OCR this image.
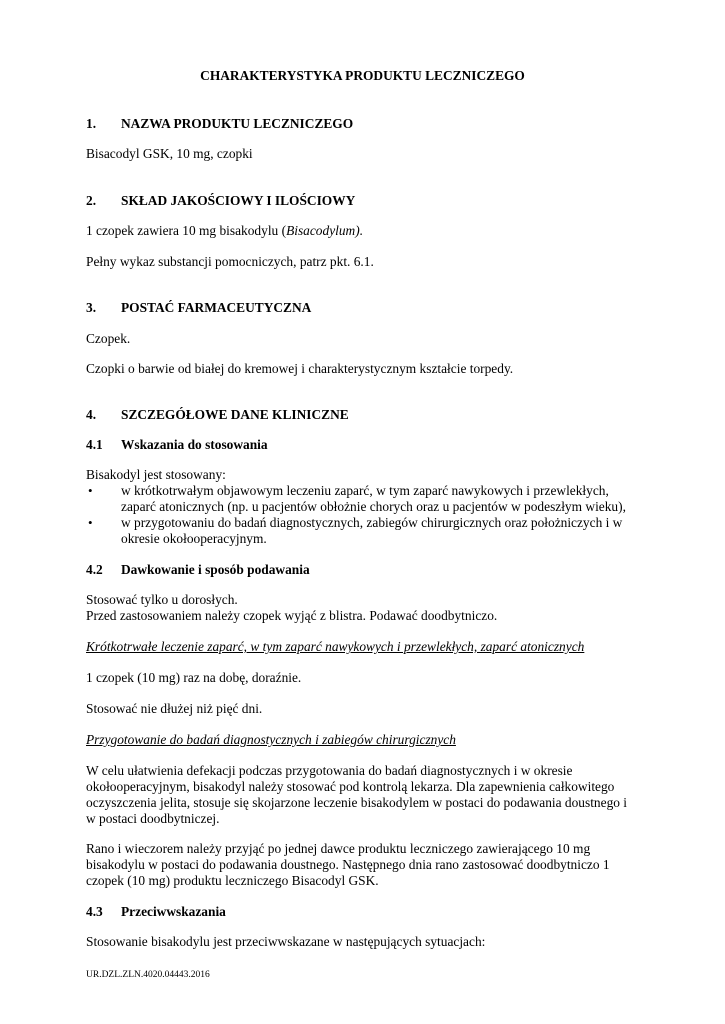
CHARAKTERYSTYKA PRODUKTU LECZNICZEGO
1. NAZWA PRODUKTU LECZNICZEGO
Bisacodyl GSK, 10 mg, czopki
2. SKŁAD JAKOŚCIOWY I ILOŚCIOWY
1 czopek zawiera 10 mg bisakodylu (Bisacodylum).
Pełny wykaz substancji pomocniczych, patrz pkt. 6.1.
3. POSTAĆ FARMACEUTYCZNA
Czopek.
Czopki o barwie od białej do kremowej i charakterystycznym kształcie torpedy.
4. SZCZEGÓŁOWE DANE KLINICZNE
4.1 Wskazania do stosowania
Bisakodyl jest stosowany:
• w krótkotrwałym objawowym leczeniu zaparć, w tym zaparć nawykowych i przewlekłych,
zaparć atonicznych (np. u pacjentów obłożnie chorych oraz u pacjentów w podeszłym wieku),
• w przygotowaniu do badań diagnostycznych, zabiegów chirurgicznych oraz położniczych i w
okresie okołooperacyjnym.
4.2 Dawkowanie i sposób podawania
Stosować tylko u dorosłych.
Przed zastosowaniem należy czopek wyjąć z blistra. Podawać doodbytniczo.
Krótkotrwałe leczenie zaparć, w tym zaparć nawykowych i przewlekłych, zaparć atonicznych
1 czopek (10 mg) raz na dobę, doraźnie.
Stosować nie dłużej niż pięć dni.
Przygotowanie do badań diagnostycznych i zabiegów chirurgicznych
W celu ułatwienia defekacji podczas przygotowania do badań diagnostycznych i w okresie
okołooperacyjnym, bisakodyl należy stosować pod kontrolą lekarza. Dla zapewnienia całkowitego
oczyszczenia jelita, stosuje się skojarzone leczenie bisakodylem w postaci do podawania doustnego i
w postaci doodbytniczej.
Rano i wieczorem należy przyjąć po jednej dawce produktu leczniczego zawierającego 10 mg
bisakodylu w postaci do podawania doustnego. Następnego dnia rano zastosować doodbytniczo 1
czopek (10 mg) produktu leczniczego Bisacodyl GSK.
4.3 Przeciwwskazania
Stosowanie bisakodylu jest przeciwwskazane w następujących sytuacjach:
UR.DZL.ZLN.4020.04443.2016
